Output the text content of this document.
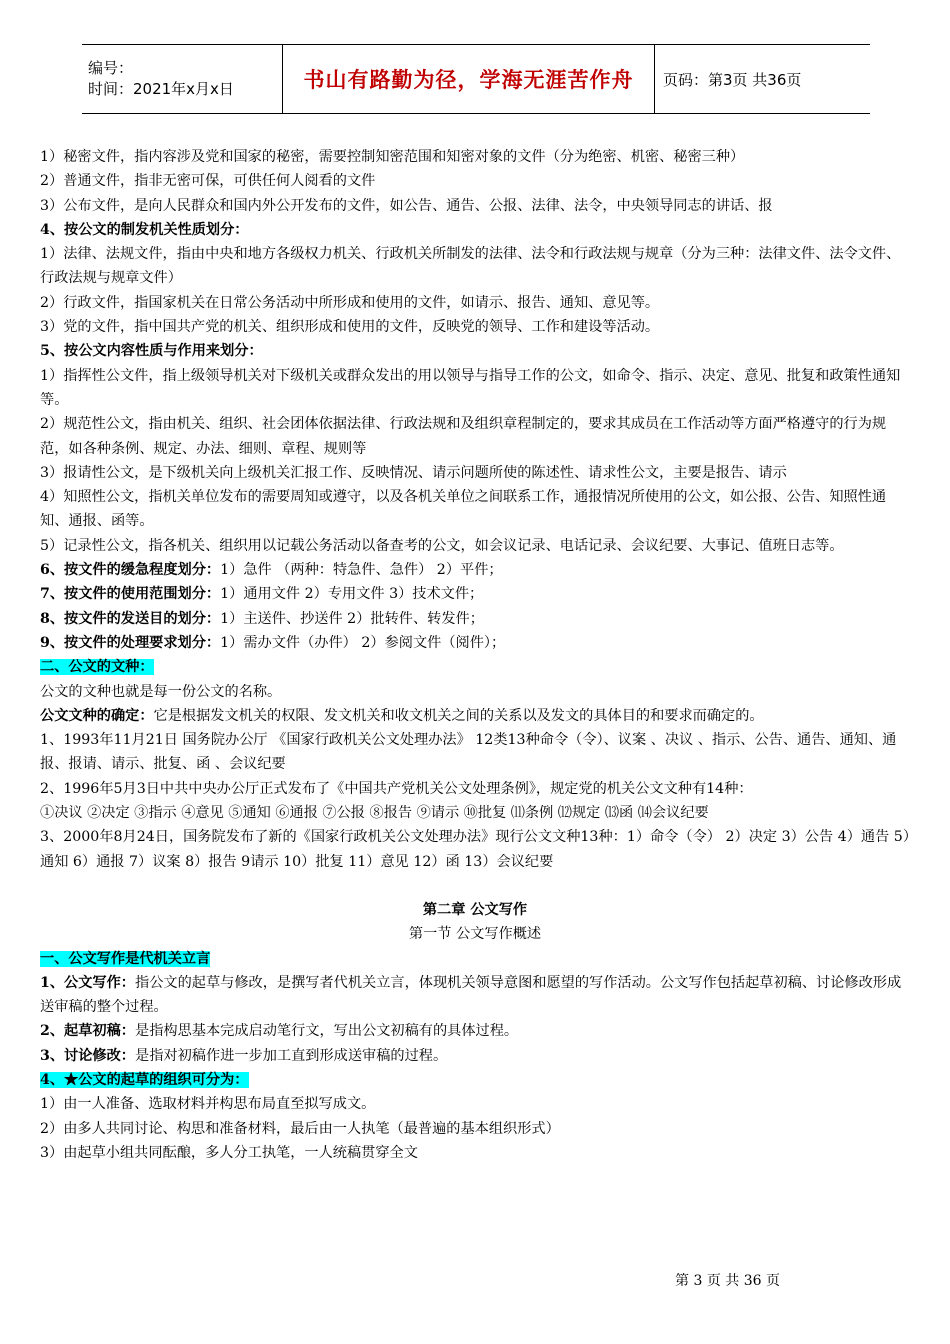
编号：
时间：2021年x月x日	书山有路勤为径，学海无涯苦作舟 页码：第3页 共36页

1）秘密文件，指内容涉及党和国家的秘密，需要控制知密范围和知密对象的文件（分为绝密、机密、秘密三种）

2）普通文件，指非无密可保，可供任何人阅看的文件

3）公布文件，是向人民群众和国内外公开发布的文件，如公告、通告、公报、法律、法令，中央领导同志的讲话、报

4、按公文的制发机关性质划分：

1）法律、法规文件，指由中央和地方各级权力机关、行政机关所制发的法律、法令和行政法规与规章（分为三种：法律文件、法令文件、行政法规与规章文件）

2）行政文件，指国家机关在日常公务活动中所形成和使用的文件，如请示、报告、通知、意见等。

3）党的文件，指中国共产党的机关、组织形成和使用的文件，反映党的领导、工作和建设等活动。

5、按公文内容性质与作用来划分：

1）指挥性公文件，指上级领导机关对下级机关或群众发出的用以领导与指导工作的公文，如命令、指示、决定、意见、批复和政策性通知等。

2）规范性公文，指由机关、组织、社会团体依据法律、行政法规和及组织章程制定的，要求其成员在工作活动等方面严格遵守的行为规范，如各种条例、规定、办法、细则、章程、规则等

3）报请性公文，是下级机关向上级机关汇报工作、反映情况、请示问题所使的陈述性、请求性公文，主要是报告、请示

4）知照性公文，指机关单位发布的需要周知或遵守，以及各机关单位之间联系工作，通报情况所使用的公文，如公报、公告、知照性通知、通报、函等。

5）记录性公文，指各机关、组织用以记载公务活动以备查考的公文，如会议记录、电话记录、会议纪要、大事记、值班日志等。

6、按文件的缓急程度划分：1）急件 （两种：特急件、急件） 2）平件；

7、按文件的使用范围划分：1）通用文件 2）专用文件 3）技术文件；

8、按文件的发送目的划分：1）主送件、抄送件 2）批转件、转发件；

9、按文件的处理要求划分：1）需办文件（办件） 2）参阅文件（阅件）；

二、公文的文种：

公文的文种也就是每一份公文的名称。

公文文种的确定：它是根据发文机关的权限、发文机关和收文机关之间的关系以及发文的具体目的和要求而确定的。

1、1993年11月21日 国务院办公厅 《国家行政机关公文处理办法》 12类13种命令（令）、议案 、决议 、指示、公告、通告、通知、通报、报请、请示、批复、函 、会议纪要

2、1996年5月3日中共中央办公厅正式发布了《中国共产党机关公文处理条例》，规定党的机关公文文种有14种：

①决议 ②决定 ③指示 ④意见 ⑤通知 ⑥通报 ⑦公报 ⑧报告 ⑨请示 ⑩批复 ⑾条例 ⑿规定 ⒀函 ⒁会议纪要

3、2000年8月24日，国务院发布了新的《国家行政机关公文处理办法》现行公文文种13种：1）命令（令） 2）决定 3）公告 4）通告 5）通知 6）通报 7）议案 8）报告 9请示 10）批复 11）意见 12）函 13）会议纪要

第二章 公文写作

第一节 公文写作概述

一、公文写作是代机关立言

1、公文写作：指公文的起草与修改，是撰写者代机关立言，体现机关领导意图和愿望的写作活动。公文写作包括起草初稿、讨论修改形成送审稿的整个过程。

2、起草初稿：是指构思基本完成启动笔行文，写出公文初稿有的具体过程。

3、讨论修改：是指对初稿作进一步加工直到形成送审稿的过程。

4、★公文的起草的组织可分为：

1）由一人准备、选取材料并构思布局直至拟写成文。

2）由多人共同讨论、构思和准备材料，最后由一人执笔（最普遍的基本组织形式）

3）由起草小组共同酝酿，多人分工执笔，一人统稿贯穿全文

第 3 页 共 36 页
